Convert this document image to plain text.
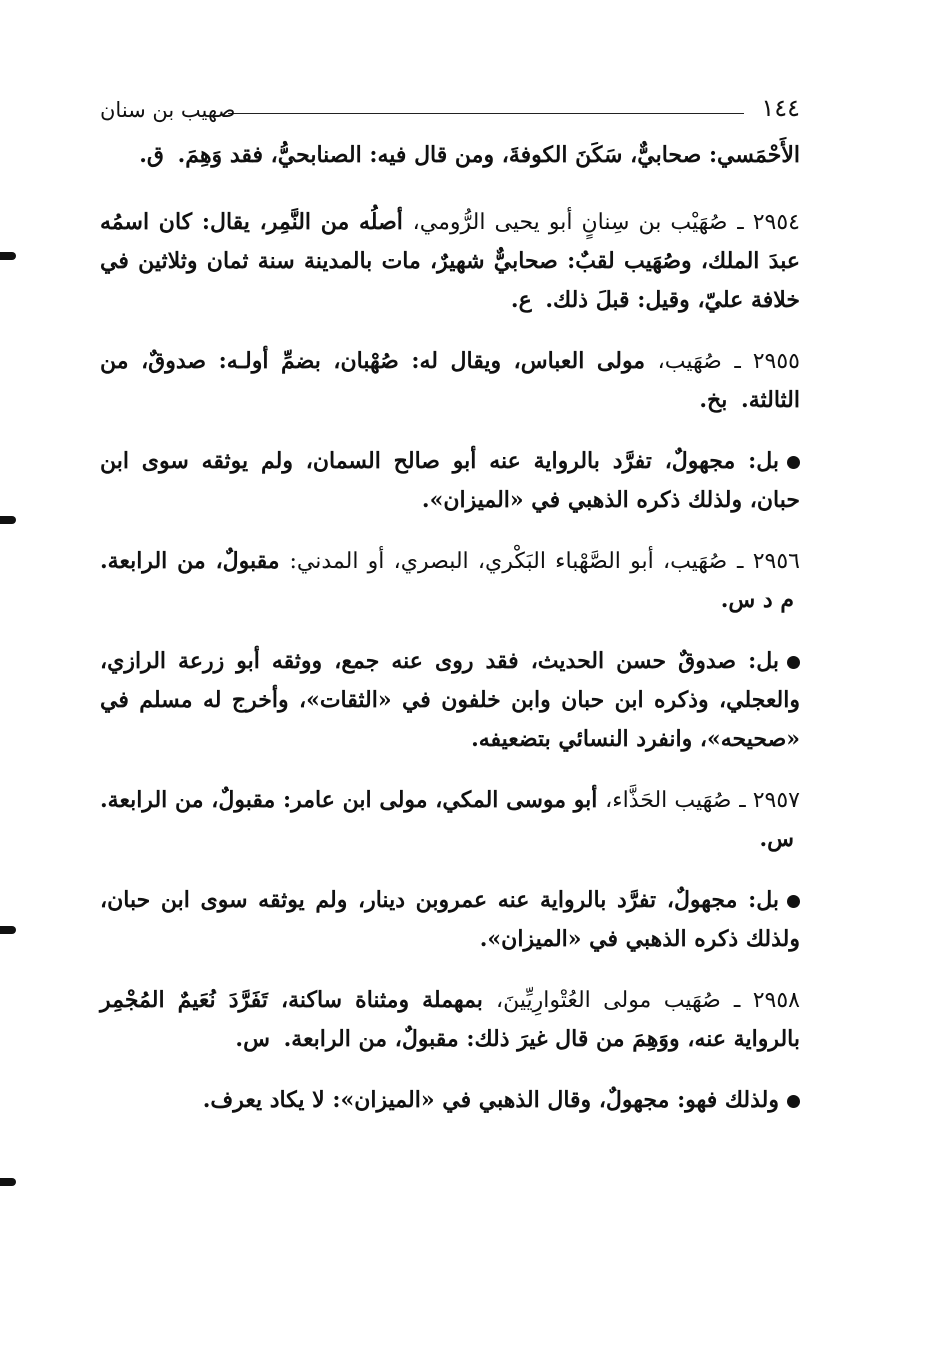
١٤٤
صهيب بن سنان

الأَحْمَسي: صحابيٌّ، سَكَنَ الكوفةَ، ومن قال فيه: الصنابحيُّ، فقد وَهِمَ. ق.

٢٩٥٤ ـ صُهَيْب بن سِنانٍ أبو يحيى الرُّومي، أصلُه من النَّمِر، يقال: كان اسمُه عبدَ الملك، وصُهَيب لقبٌ: صحابيٌّ شهيرٌ، مات بالمدينة سنة ثمان وثلاثين في خلافة عليّ، وقيل: قبلَ ذلك. ع.

٢٩٥٥ ـ صُهَيب، مولى العباس، ويقال له: صُهْبان، بضمِّ أولـه: صدوقٌ، من الثالثة. بخ.

بل: مجهولٌ، تفرَّد بالرواية عنه أبو صالح السمان، ولم يوثقه سوى ابن حبان، ولذلك ذكره الذهبي في «الميزان».

٢٩٥٦ ـ صُهَيب، أبو الصَّهْباء البَكْري، البصري، أو المدني: مقبولٌ، من الرابعة. م د س.

بل: صدوقٌ حسن الحديث، فقد روى عنه جمع، ووثقه أبو زرعة الرازي، والعجلي، وذكره ابن حبان وابن خلفون في «الثقات»، وأخرج له مسلم في «صحيحه»، وانفرد النسائي بتضعيفه.

٢٩٥٧ ـ صُهَيب الحَذَّاء، أبو موسى المكي، مولى ابن عامر: مقبولٌ، من الرابعة. س.

بل: مجهولٌ، تفرَّد بالرواية عنه عمروبن دينار، ولم يوثقه سوى ابن حبان، ولذلك ذكره الذهبي في «الميزان».

٢٩٥٨ ـ صُهَيب مولى العُتْوارِيِّينَ، بمهملة ومثناة ساكنة، تَفَرَّدَ نُعَيمٌ المُجْمِر بالرواية عنه، ووَهِمَ من قال غيرَ ذلك: مقبولٌ، من الرابعة. س.

ولذلك فهو: مجهولٌ، وقال الذهبي في «الميزان»: لا يكاد يعرف.
